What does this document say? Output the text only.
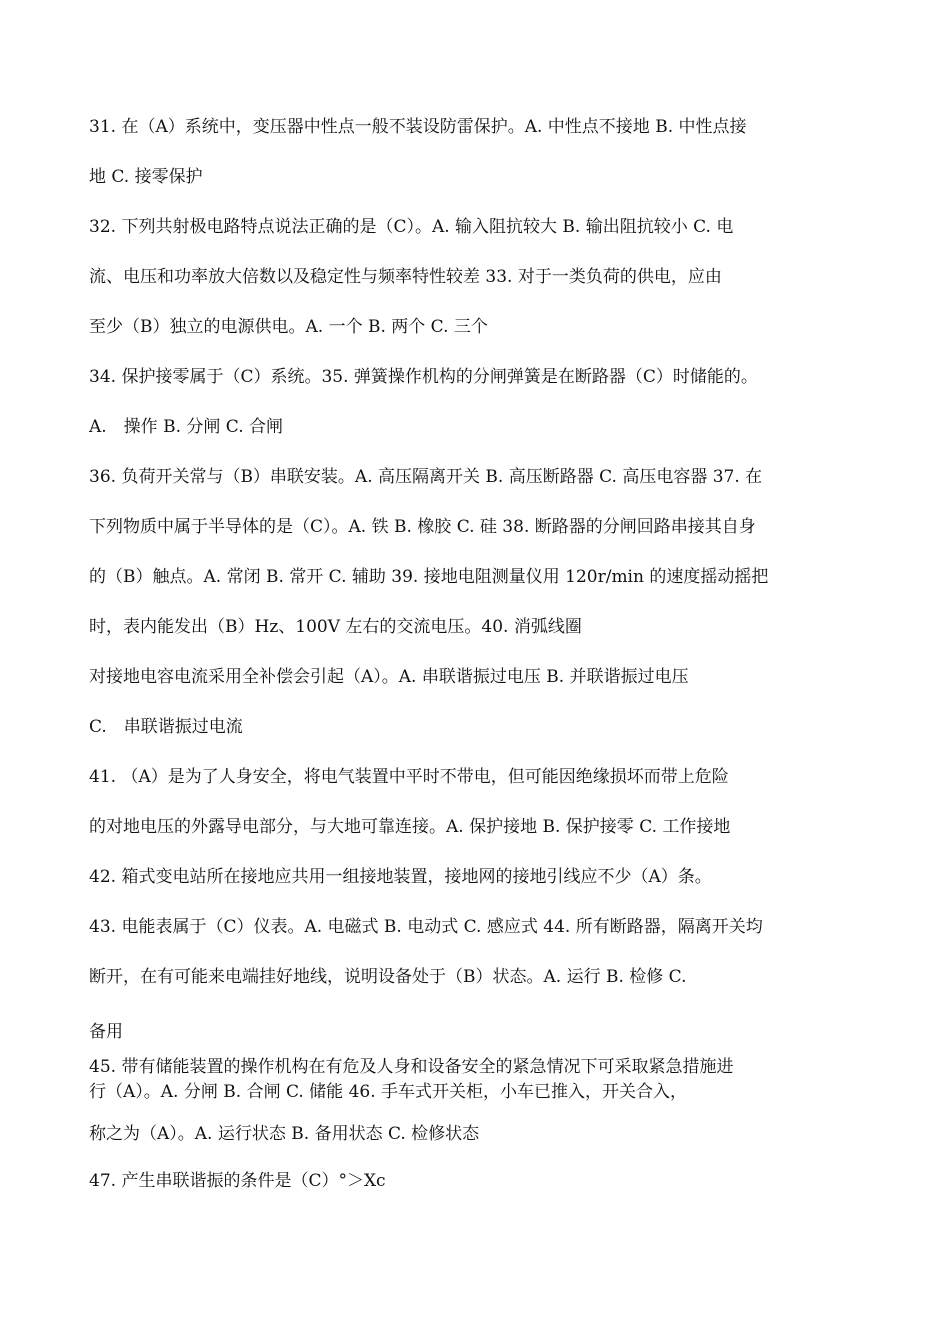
31. 在（A）系统中，变压器中性点一般不装设防雷保护。A. 中性点不接地 B. 中性点接
地 C. 接零保护
32. 下列共射极电路特点说法正确的是（C）。A. 输入阻抗较大 B. 输出阻抗较小 C. 电
流、电压和功率放大倍数以及稳定性与频率特性较差 33. 对于一类负荷的供电，应由
至少（B）独立的电源供电。A. 一个 B. 两个 C. 三个
34. 保护接零属于（C）系统。35. 弹簧操作机构的分闸弹簧是在断路器（C）时储能的。
A.　操作 B. 分闸 C. 合闸
36. 负荷开关常与（B）串联安装。A. 高压隔离开关 B. 高压断路器 C. 高压电容器 37. 在
下列物质中属于半导体的是（C）。A. 铁 B. 橡胶 C. 硅 38. 断路器的分闸回路串接其自身
的（B）触点。A. 常闭 B. 常开 C. 辅助 39. 接地电阻测量仪用 120r/min 的速度摇动摇把
时，表内能发出（B）Hz、100V 左右的交流电压。40. 消弧线圈
对接地电容电流采用全补偿会引起（A）。A. 串联谐振过电压 B. 并联谐振过电压
C.　串联谐振过电流
41. （A）是为了人身安全，将电气装置中平时不带电，但可能因绝缘损坏而带上危险
的对地电压的外露导电部分，与大地可靠连接。A. 保护接地 B. 保护接零 C. 工作接地
42. 箱式变电站所在接地应共用一组接地装置，接地网的接地引线应不少（A）条。
43. 电能表属于（C）仪表。A. 电磁式 B. 电动式 C. 感应式 44. 所有断路器，隔离开关均
断开，在有可能来电端挂好地线，说明设备处于（B）状态。A. 运行 B. 检修 C.
备用
45. 带有储能装置的操作机构在有危及人身和设备安全的紧急情况下可采取紧急措施进
行（A）。A. 分闸 B. 合闸 C. 储能 46. 手车式开关柜，小车已推入，开关合入，
称之为（A）。A. 运行状态 B. 备用状态 C. 检修状态
47. 产生串联谐振的条件是（C）°＞Xc
